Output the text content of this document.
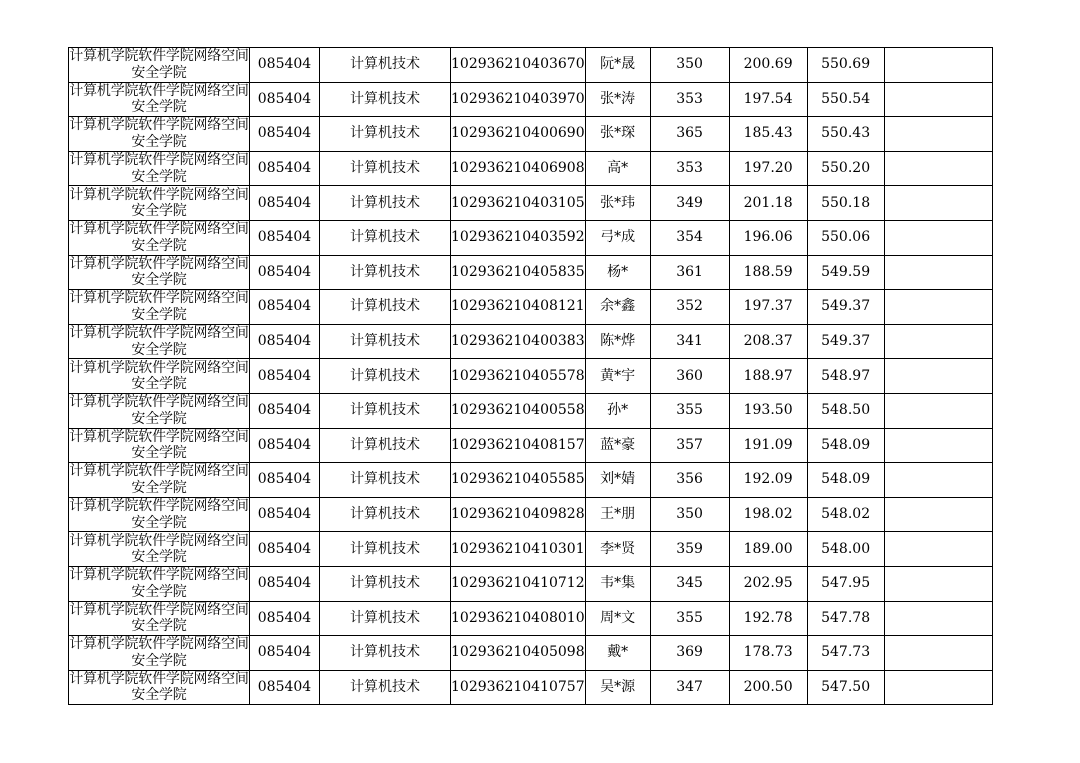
计算机学院软件学院网络空间安全学院	085404	计算机技术	102936210403670	阮*晟	350	200.69	550.69	
计算机学院软件学院网络空间安全学院	085404	计算机技术	102936210403970	张*涛	353	197.54	550.54	
计算机学院软件学院网络空间安全学院	085404	计算机技术	102936210400690	张*琛	365	185.43	550.43	
计算机学院软件学院网络空间安全学院	085404	计算机技术	102936210406908	高*	353	197.20	550.20	
计算机学院软件学院网络空间安全学院	085404	计算机技术	102936210403105	张*玮	349	201.18	550.18	
计算机学院软件学院网络空间安全学院	085404	计算机技术	102936210403592	弓*成	354	196.06	550.06	
计算机学院软件学院网络空间安全学院	085404	计算机技术	102936210405835	杨*	361	188.59	549.59	
计算机学院软件学院网络空间安全学院	085404	计算机技术	102936210408121	余*鑫	352	197.37	549.37	
计算机学院软件学院网络空间安全学院	085404	计算机技术	102936210400383	陈*烨	341	208.37	549.37	
计算机学院软件学院网络空间安全学院	085404	计算机技术	102936210405578	黄*宇	360	188.97	548.97	
计算机学院软件学院网络空间安全学院	085404	计算机技术	102936210400558	孙*	355	193.50	548.50	
计算机学院软件学院网络空间安全学院	085404	计算机技术	102936210408157	蓝*豪	357	191.09	548.09	
计算机学院软件学院网络空间安全学院	085404	计算机技术	102936210405585	刘*婧	356	192.09	548.09	
计算机学院软件学院网络空间安全学院	085404	计算机技术	102936210409828	王*朋	350	198.02	548.02	
计算机学院软件学院网络空间安全学院	085404	计算机技术	102936210410301	李*贤	359	189.00	548.00	
计算机学院软件学院网络空间安全学院	085404	计算机技术	102936210410712	韦*集	345	202.95	547.95	
计算机学院软件学院网络空间安全学院	085404	计算机技术	102936210408010	周*文	355	192.78	547.78	
计算机学院软件学院网络空间安全学院	085404	计算机技术	102936210405098	戴*	369	178.73	547.73	
计算机学院软件学院网络空间安全学院	085404	计算机技术	102936210410757	吴*源	347	200.50	547.50	
